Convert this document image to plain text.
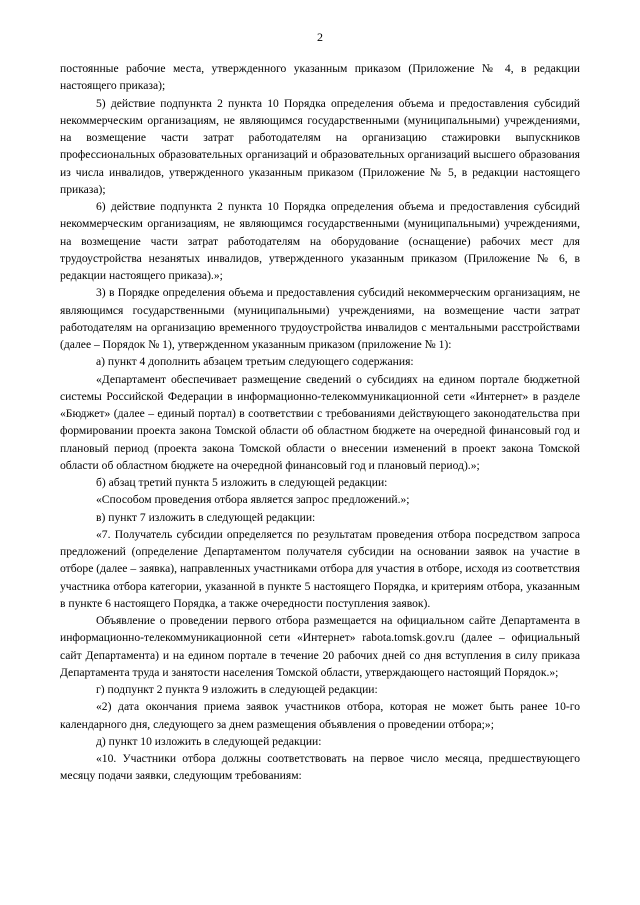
2

постоянные рабочие места, утвержденного указанным приказом (Приложение № 4, в редакции настоящего приказа);

5) действие подпункта 2 пункта 10 Порядка определения объема и предоставления субсидий некоммерческим организациям, не являющимся государственными (муниципальными) учреждениями, на возмещение части затрат работодателям на организацию стажировки выпускников профессиональных образовательных организаций и образовательных организаций высшего образования из числа инвалидов, утвержденного указанным приказом (Приложение № 5, в редакции настоящего приказа);

6) действие подпункта 2 пункта 10 Порядка определения объема и предоставления субсидий некоммерческим организациям, не являющимся государственными (муниципальными) учреждениями, на возмещение части затрат работодателям на оборудование (оснащение) рабочих мест для трудоустройства незанятых инвалидов, утвержденного указанным приказом (Приложение № 6, в редакции настоящего приказа).»;

3) в Порядке определения объема и предоставления субсидий некоммерческим организациям, не являющимся государственными (муниципальными) учреждениями, на возмещение части затрат работодателям на организацию временного трудоустройства инвалидов с ментальными расстройствами (далее – Порядок № 1), утвержденном указанным приказом (приложение № 1):

а) пункт 4 дополнить абзацем третьим следующего содержания:

«Департамент обеспечивает размещение сведений о субсидиях на едином портале бюджетной системы Российской Федерации в информационно-телекоммуникационной сети «Интернет» в разделе «Бюджет» (далее – единый портал) в соответствии с требованиями действующего законодательства при формировании проекта закона Томской области об областном бюджете на очередной финансовый год и плановый период (проекта закона Томской области о внесении изменений в проект закона Томской области об областном бюджете на очередной финансовый год и плановый период).»;

б) абзац третий пункта 5 изложить в следующей редакции:

«Способом проведения отбора является запрос предложений.»;

в) пункт 7 изложить в следующей редакции:

«7. Получатель субсидии определяется по результатам проведения отбора посредством запроса предложений (определение Департаментом получателя субсидии на основании заявок на участие в отборе (далее – заявка), направленных участниками отбора для участия в отборе, исходя из соответствия участника отбора категории, указанной в пункте 5 настоящего Порядка, и критериям отбора, указанным в пункте 6 настоящего Порядка, а также очередности поступления заявок).

Объявление о проведении первого отбора размещается на официальном сайте Департамента в информационно-телекоммуникационной сети «Интернет» rabota.tomsk.gov.ru (далее – официальный сайт Департамента) и на едином портале в течение 20 рабочих дней со дня вступления в силу приказа Департамента труда и занятости населения Томской области, утверждающего настоящий Порядок.»;

г) подпункт 2 пункта 9 изложить в следующей редакции:

«2) дата окончания приема заявок участников отбора, которая не может быть ранее 10-го календарного дня, следующего за днем размещения объявления о проведении отбора;»;

д) пункт 10 изложить в следующей редакции:

«10. Участники отбора должны соответствовать на первое число месяца, предшествующего месяцу подачи заявки, следующим требованиям:
